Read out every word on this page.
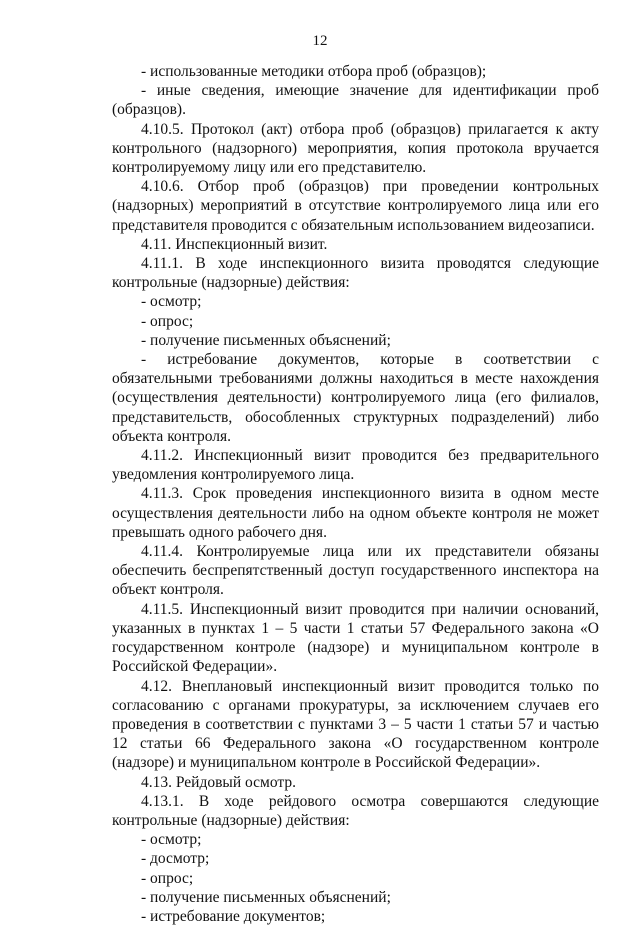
12

- использованные методики отбора проб (образцов);

- иные сведения, имеющие значение для идентификации проб (образцов).

4.10.5. Протокол (акт) отбора проб (образцов) прилагается к акту контрольного (надзорного) мероприятия, копия протокола вручается контролируемому лицу или его представителю.

4.10.6. Отбор проб (образцов) при проведении контрольных (надзорных) мероприятий в отсутствие контролируемого лица или его представителя проводится с обязательным использованием видеозаписи.

4.11. Инспекционный визит.

4.11.1. В ходе инспекционного визита проводятся следующие контрольные (надзорные) действия:

- осмотр;

- опрос;

- получение письменных объяснений;

- истребование документов, которые в соответствии с обязательными требованиями должны находиться в месте нахождения (осуществления деятельности) контролируемого лица (его филиалов, представительств, обособленных структурных подразделений) либо объекта контроля.

4.11.2. Инспекционный визит проводится без предварительного уведомления контролируемого лица.

4.11.3. Срок проведения инспекционного визита в одном месте осуществления деятельности либо на одном объекте контроля не может превышать одного рабочего дня.

4.11.4. Контролируемые лица или их представители обязаны обеспечить беспрепятственный доступ государственного инспектора на объект контроля.

4.11.5. Инспекционный визит проводится при наличии оснований, указанных в пунктах 1 – 5 части 1 статьи 57 Федерального закона «О государственном контроле (надзоре) и муниципальном контроле в Российской Федерации».

4.12. Внеплановый инспекционный визит проводится только по согласованию с органами прокуратуры, за исключением случаев его проведения в соответствии с пунктами 3 – 5 части 1 статьи 57 и частью 12 статьи 66 Федерального закона «О государственном контроле (надзоре) и муниципальном контроле в Российской Федерации».

4.13. Рейдовый осмотр.

4.13.1. В ходе рейдового осмотра совершаются следующие контрольные (надзорные) действия:

- осмотр;

- досмотр;

- опрос;

- получение письменных объяснений;

- истребование документов;
